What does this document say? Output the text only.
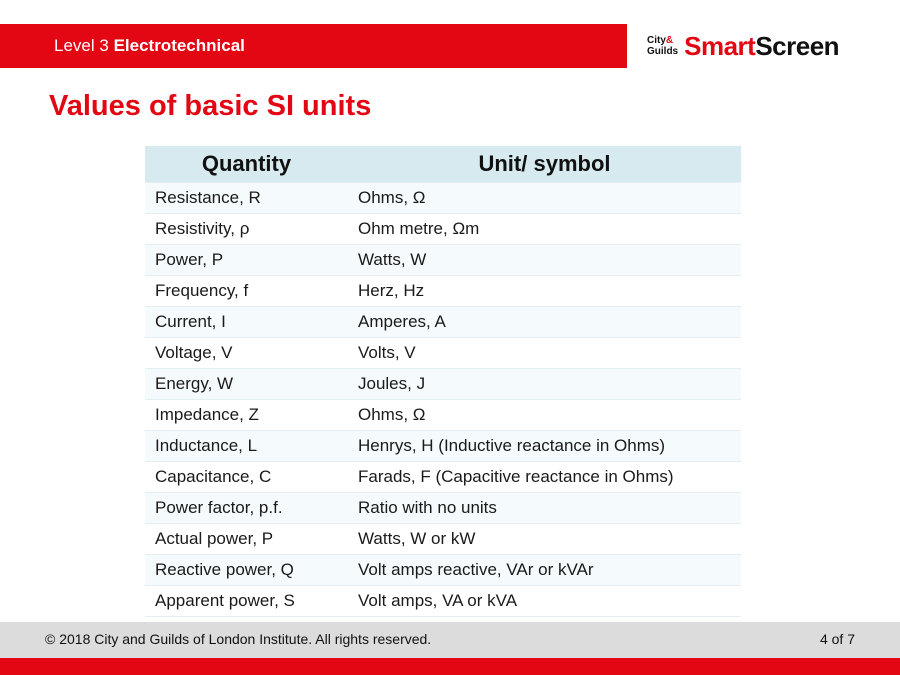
Level 3 Electrotechnical	City&
Guilds Smart Screen
Values of basic SI units
Quantity	Unit/ symbol
Resistance, R	Ohms, Ω
Resistivity, ρ	Ohm metre, Ωm
Power, P	Watts, W
Frequency, f	Herz, Hz
Current, I	Amperes, A
Voltage, V	Volts, V
Energy, W	Joules, J
Impedance, Z	Ohms, Ω
Inductance, L	Henrys, H (Inductive reactance in Ohms)
Capacitance, C	Farads, F (Capacitive reactance in Ohms)
Power factor, p.f.	Ratio with no units
Actual power, P	Watts, W or kW
Reactive power, Q	Volt amps reactive, VAr or kVAr
Apparent power, S	Volt amps, VA or kVA
© 2018 City and Guilds of London Institute. All rights reserved.	4 of 7
